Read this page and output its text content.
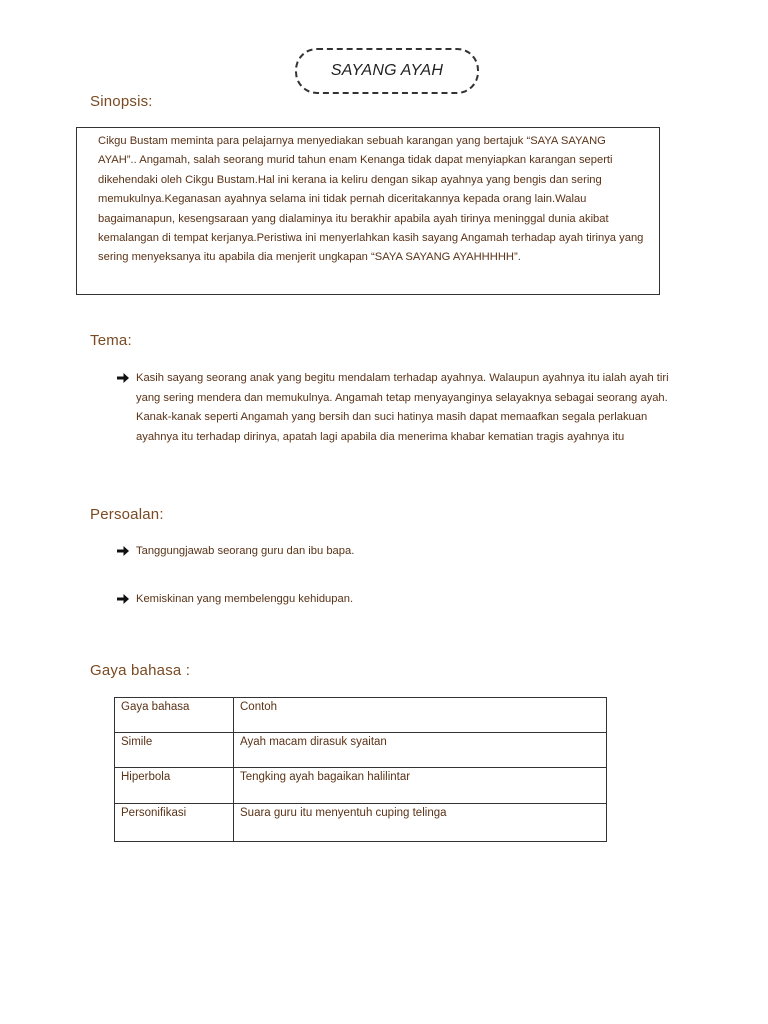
SAYANG AYAH
Sinopsis:
Cikgu Bustam meminta para pelajarnya menyediakan sebuah karangan yang bertajuk “SAYA SAYANG AYAH”.. Angamah, salah seorang murid tahun enam Kenanga tidak dapat menyiapkan karangan seperti dikehendaki oleh Cikgu Bustam.Hal ini kerana ia keliru dengan sikap ayahnya yang bengis dan sering memukulnya.Keganasan ayahnya selama ini tidak pernah diceritakannya kepada orang lain.Walau bagaimanapun, kesengsaraan yang dialaminya itu berakhir apabila ayah tirinya meninggal dunia akibat kemalangan di tempat kerjanya.Peristiwa ini menyerlahkan kasih sayang Angamah terhadap ayah tirinya yang sering menyeksanya itu apabila dia menjerit ungkapan “SAYA SAYANG AYAHHHHH”.
Tema:
Kasih sayang seorang anak yang begitu mendalam terhadap ayahnya. Walaupun ayahnya itu ialah ayah tiri yang sering mendera dan memukulnya. Angamah tetap menyayanginya selayaknya sebagai seorang ayah. Kanak-kanak seperti Angamah yang bersih dan suci hatinya masih dapat memaafkan segala perlakuan ayahnya itu terhadap dirinya, apatah lagi apabila dia menerima khabar kematian tragis ayahnya itu
Persoalan:
Tanggungjawab seorang guru dan ibu bapa.
Kemiskinan yang membelenggu kehidupan.
Gaya bahasa :
Gaya bahasa	Contoh
Simile	Ayah macam dirasuk syaitan
Hiperbola	Tengking ayah bagaikan halilintar
Personifikasi	Suara guru itu menyentuh cuping telinga
